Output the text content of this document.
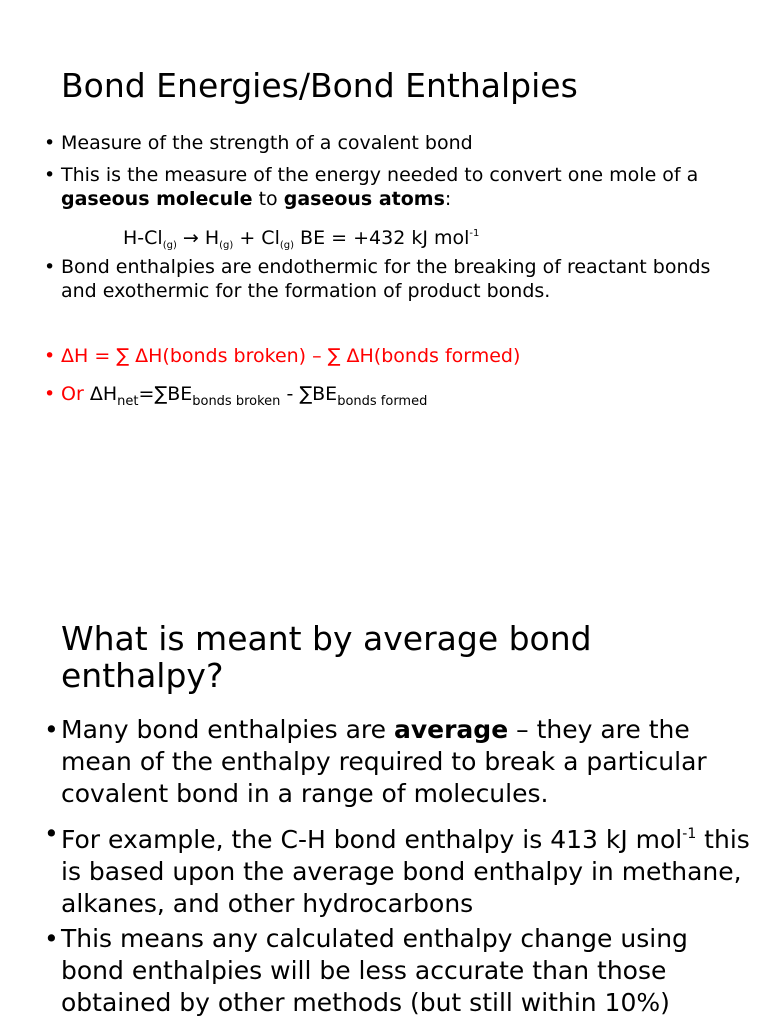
Bond Energies/Bond Enthalpies
• Measure of the strength of a covalent bond
• This is the measure of the energy needed to convert one mole of a gaseous molecule to gaseous atoms:
• Bond enthalpies are endothermic for the breaking of reactant bonds and exothermic for the formation of product bonds.
• ΔH = ∑ ΔH(bonds broken) – ∑ ΔH(bonds formed)
• Or $\Delta H_{net}=\sum BE_{bonds broken} - \sum BE_{bonds formed}$
$H-Cl_{(g)} \to H_{(g)} + Cl_{(g)}$ BE = +432 kJ mol$^{-1}$
What is meant by average bond enthalpy?
• Many bond enthalpies are average – they are the mean of the enthalpy required to break a particular covalent bond in a range of molecules.
• For example, the C-H bond enthalpy is 413 kJ mol$^{-1}$ this is based upon the average bond enthalpy in methane, alkanes, and other hydrocarbons
• This means any calculated enthalpy change using bond enthalpies will be less accurate than those obtained by other methods (but still within 10%)
